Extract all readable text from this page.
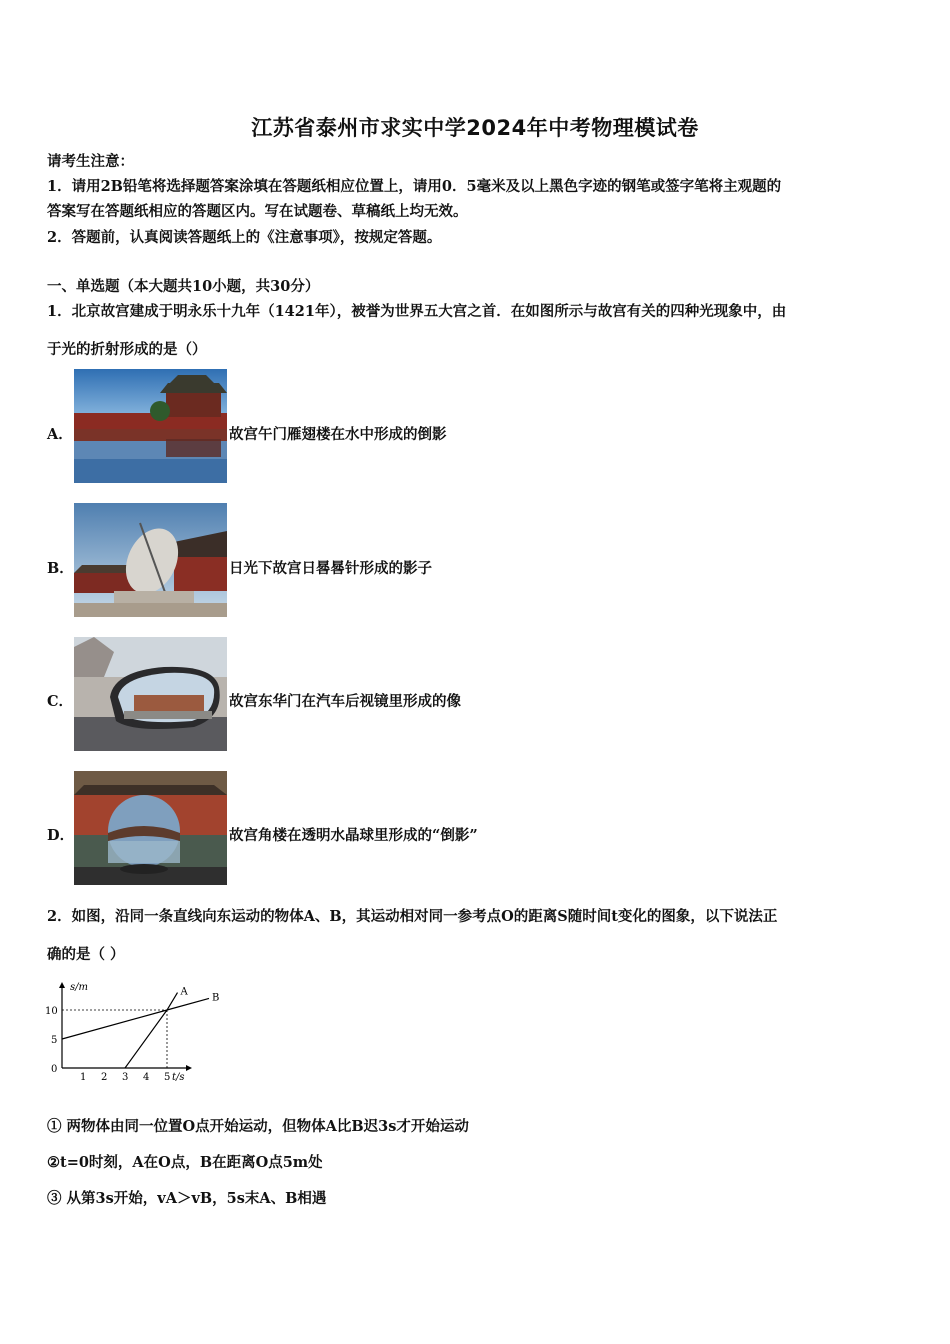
江苏省泰州市求实中学2024年中考物理模试卷
请考生注意：
1．请用2B铅笔将选择题答案涂填在答题纸相应位置上，请用0．5毫米及以上黑色字迹的钢笔或签字笔将主观题的
答案写在答题纸相应的答题区内。写在试题卷、草稿纸上均无效。
2．答题前，认真阅读答题纸上的《注意事项》，按规定答题。
一、单选题（本大题共10小题，共30分）
1．北京故宫建成于明永乐十九年（1421年），被誉为世界五大宫之首．在如图所示与故宫有关的四种光现象中，由
于光的折射形成的是（）
A．	故宫午门雁翅楼在水中形成的倒影
B．	日光下故宫日晷晷针形成的影子
C．	故宫东华门在汽车后视镜里形成的像
D．	故宫角楼在透明水晶球里形成的“倒影”
2．如图，沿同一条直线向东运动的物体A、B，其运动相对同一参考点O的距离S随时间t变化的图象，以下说法正
确的是（ ）
s/m
t/s
1 2 3 4 5
0
5
10
A
B
① 两物体由同一位置O点开始运动，但物体A比B迟3s才开始运动
②t=0时刻，A在O点，B在距离O点5m处
③ 从第3s开始，vA＞vB，5s末A、B相遇
